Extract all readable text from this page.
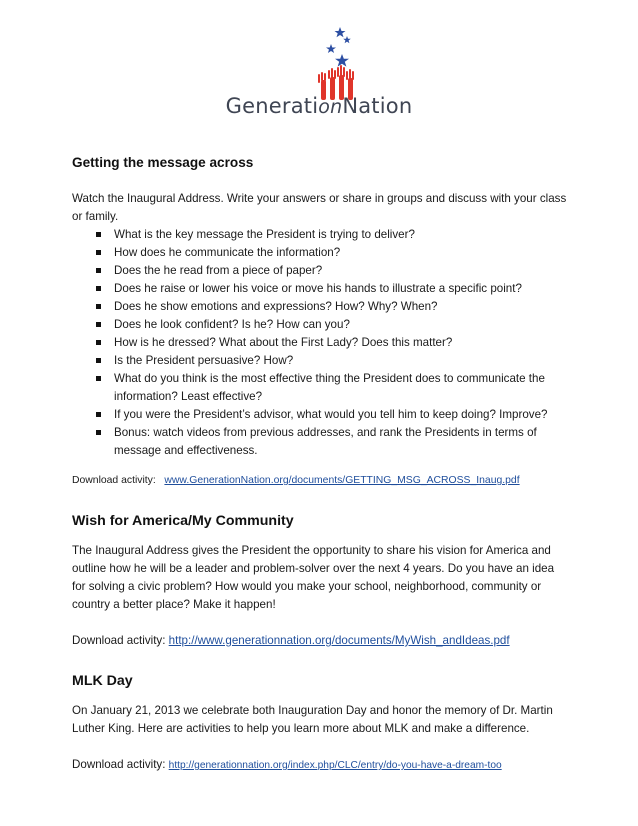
GenerationNation
Getting the message across

Watch the Inaugural Address. Write your answers or share in groups and discuss with your class

or family.

What is the key message the President is trying to deliver?
How does he communicate the information?
Does the he read from a piece of paper?
Does he raise or lower his voice or move his hands to illustrate a specific point?
Does he show emotions and expressions? How? Why? When?
Does he look confident? Is he? How can you?
How is he dressed? What about the First Lady? Does this matter?
Is the President persuasive? How?
What do you think is the most effective thing the President does to communicate the
information? Least effective?
If you were the President’s advisor, what would you tell him to keep doing? Improve?
Bonus: watch videos from previous addresses, and rank the Presidents in terms of
message and effectiveness.

Download activity: www.GenerationNation.org/documents/GETTING_MSG_ACROSS_Inaug.pdf

Wish for America/My Community

The Inaugural Address gives the President the opportunity to share his vision for America and

outline how he will be a leader and problem-solver over the next 4 years. Do you have an idea

for solving a civic problem? How would you make your school, neighborhood, community or

country a better place? Make it happen!

Download activity: http://www.generationnation.org/documents/MyWish_andIdeas.pdf

MLK Day

On January 21, 2013 we celebrate both Inauguration Day and honor the memory of Dr. Martin

Luther King. Here are activities to help you learn more about MLK and make a difference.

Download activity: http://generationnation.org/index.php/CLC/entry/do-you-have-a-dream-too
